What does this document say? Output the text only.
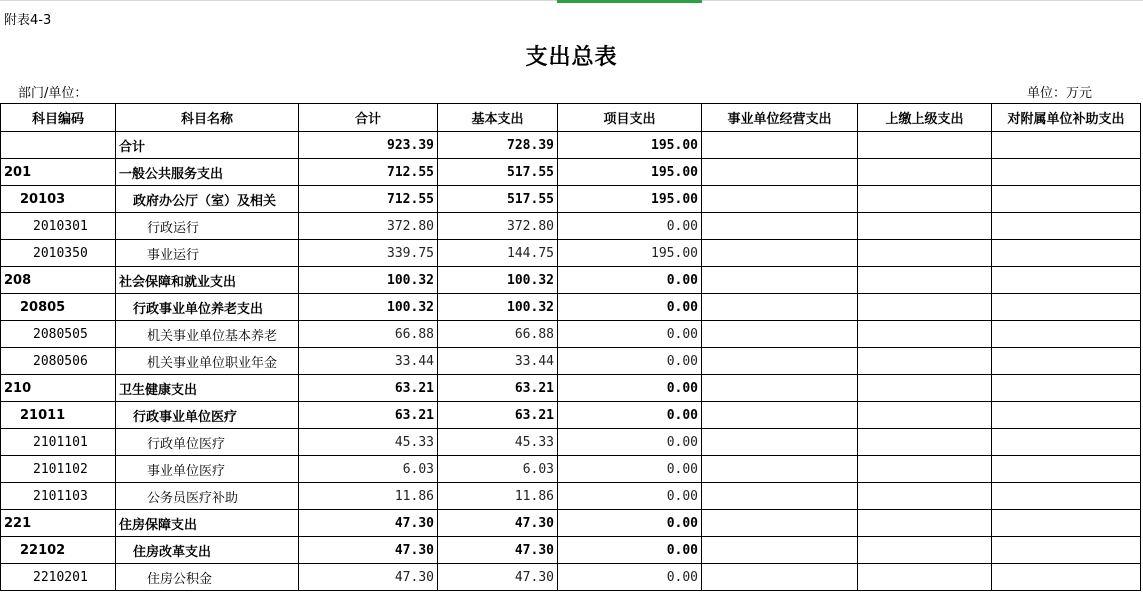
附表4-3
支出总表
部门/单位：	单位：万元
科目编码	科目名称	合计	基本支出	项目支出	事业单位经营支出	上缴上级支出	对附属单位补助支出
	合计	923.39	728.39	195.00			
201	一般公共服务支出	712.55	517.55	195.00			
20103	政府办公厅（室）及相关	712.55	517.55	195.00			
2010301	行政运行	372.80	372.80	0.00			
2010350	事业运行	339.75	144.75	195.00			
208	社会保障和就业支出	100.32	100.32	0.00			
20805	行政事业单位养老支出	100.32	100.32	0.00			
2080505	机关事业单位基本养老	66.88	66.88	0.00			
2080506	机关事业单位职业年金	33.44	33.44	0.00			
210	卫生健康支出	63.21	63.21	0.00			
21011	行政事业单位医疗	63.21	63.21	0.00			
2101101	行政单位医疗	45.33	45.33	0.00			
2101102	事业单位医疗	6.03	6.03	0.00			
2101103	公务员医疗补助	11.86	11.86	0.00			
221	住房保障支出	47.30	47.30	0.00			
22102	住房改革支出	47.30	47.30	0.00			
2210201	住房公积金	47.30	47.30	0.00			
